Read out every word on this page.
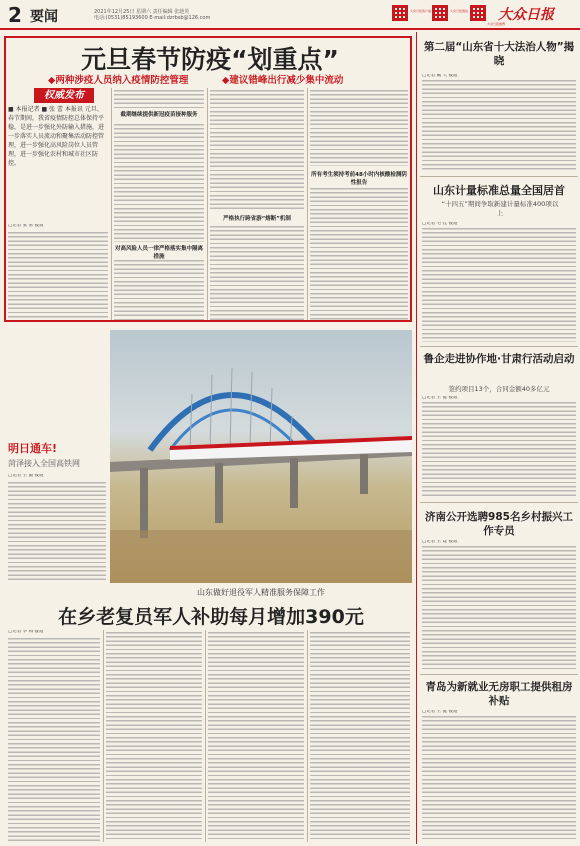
2 要闻	2021年12月25日 星期六 责任编辑 张趁英
电话:(0531)85193600 E-mail:dzrbsb@126.com
大众日报客户端	大众日报微信
大众日报微博
大众日报
元旦春节防疫“划重点”
◆两种涉疫人员纳入疫情防控管理	◆建议错峰出行减少集中流动
权威发布
■ 本报记者 ■ 张 蕾 本报讯 元旦、春节期间，我省疫情防控总体保持平稳，是进一步强化外防输入措施，进一步落实人员流动和聚集活动防控管理，进一步强化高风险岗位人员管理，进一步强化农村和城市社区防控。
□记者 张 蕾 报道
截期继续提供新冠疫苗接种服务
对高风险人员一律严格落实集中隔离措施
严格执行跨省游“熔断”机制
所有考生须持考前48小时内核酸检测阴性报告
明日通车!
菏泽接入全国高铁网
□记者 王 毅 报道
山东做好退役军人精准服务保障工作
在乡老复员军人补助每月增加390元
□记者 李 梅 报道
第二届“山东省十大法治人物”揭晓
□记者 戴 天 报道
山东计量标准总量全国居首
“十四五”期间争取新建计量标准400项以上
□记者 毛 佳 报道
鲁企走进协作地·甘肃行活动启动
签约项目13个，合同金额40多亿元
□记者 王 健 报道
济南公开选聘985名乡村振兴工作专员
□记者 王 建 报道
青岛为新就业无房职工提供租房补贴
□记者 王 健 报道
